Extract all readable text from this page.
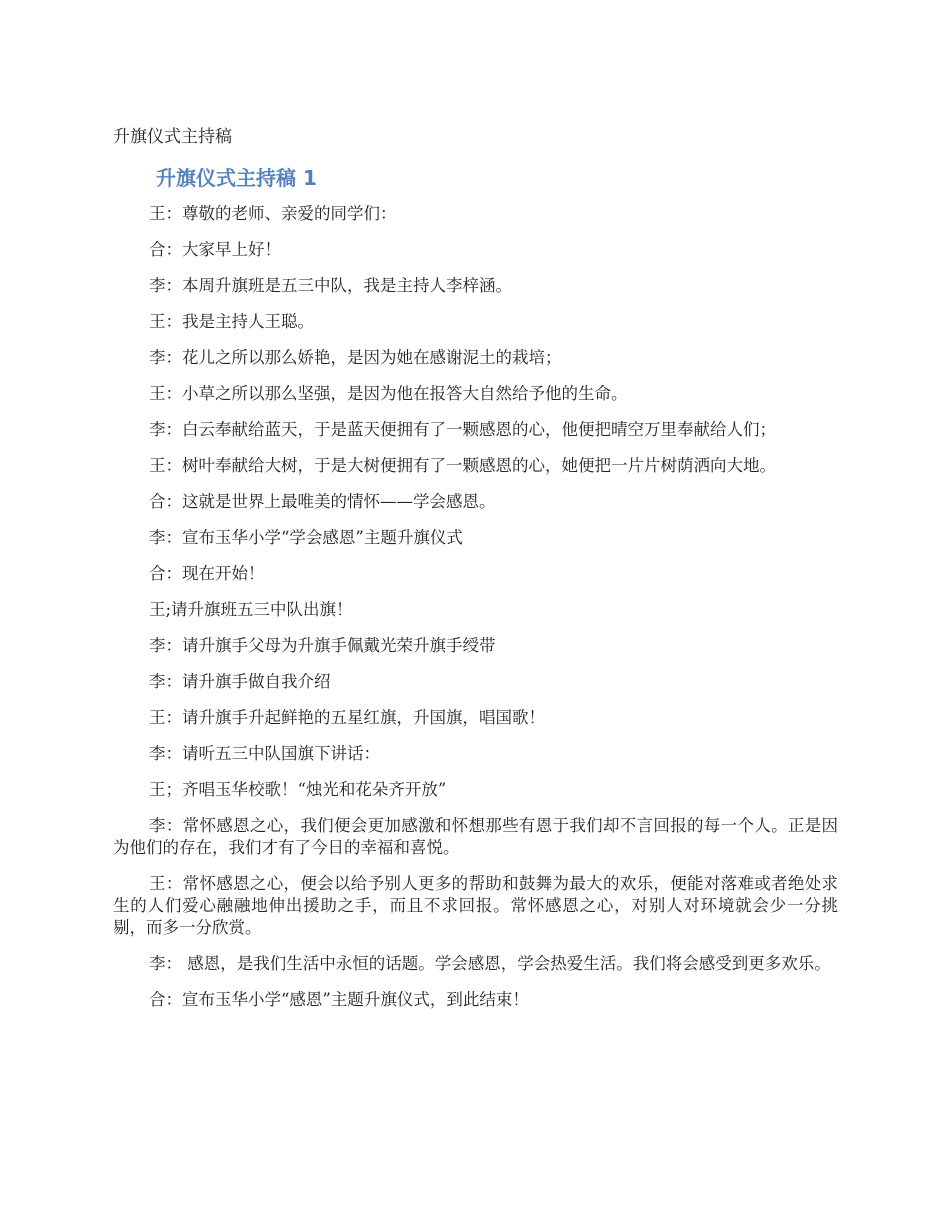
升旗仪式主持稿

升旗仪式主持稿 1

王：尊敬的老师、亲爱的同学们：

合：大家早上好！

李：本周升旗班是五三中队，我是主持人李梓涵。

王：我是主持人王聪。

李：花儿之所以那么娇艳，是因为她在感谢泥土的栽培；

王：小草之所以那么坚强，是因为他在报答大自然给予他的生命。

李：白云奉献给蓝天，于是蓝天便拥有了一颗感恩的心，他便把晴空万里奉献给人们；

王：树叶奉献给大树，于是大树便拥有了一颗感恩的心，她便把一片片树荫洒向大地。

合：这就是世界上最唯美的情怀——学会感恩。

李：宣布玉华小学“学会感恩”主题升旗仪式

合：现在开始！

王;请升旗班五三中队出旗！

李：请升旗手父母为升旗手佩戴光荣升旗手绶带

李：请升旗手做自我介绍

王：请升旗手升起鲜艳的五星红旗，升国旗，唱国歌！

李：请听五三中队国旗下讲话：

王；齐唱玉华校歌！“烛光和花朵齐开放”

李：常怀感恩之心，我们便会更加感激和怀想那些有恩于我们却不言回报的每一个人。正是因为他们的存在，我们才有了今日的幸福和喜悦。

王：常怀感恩之心，便会以给予别人更多的帮助和鼓舞为最大的欢乐，便能对落难或者绝处求生的人们爱心融融地伸出援助之手，而且不求回报。常怀感恩之心，对别人对环境就会少一分挑剔，而多一分欣赏。

李： 感恩，是我们生活中永恒的话题。学会感恩，学会热爱生活。我们将会感受到更多欢乐。

合：宣布玉华小学“感恩”主题升旗仪式，到此结束！
